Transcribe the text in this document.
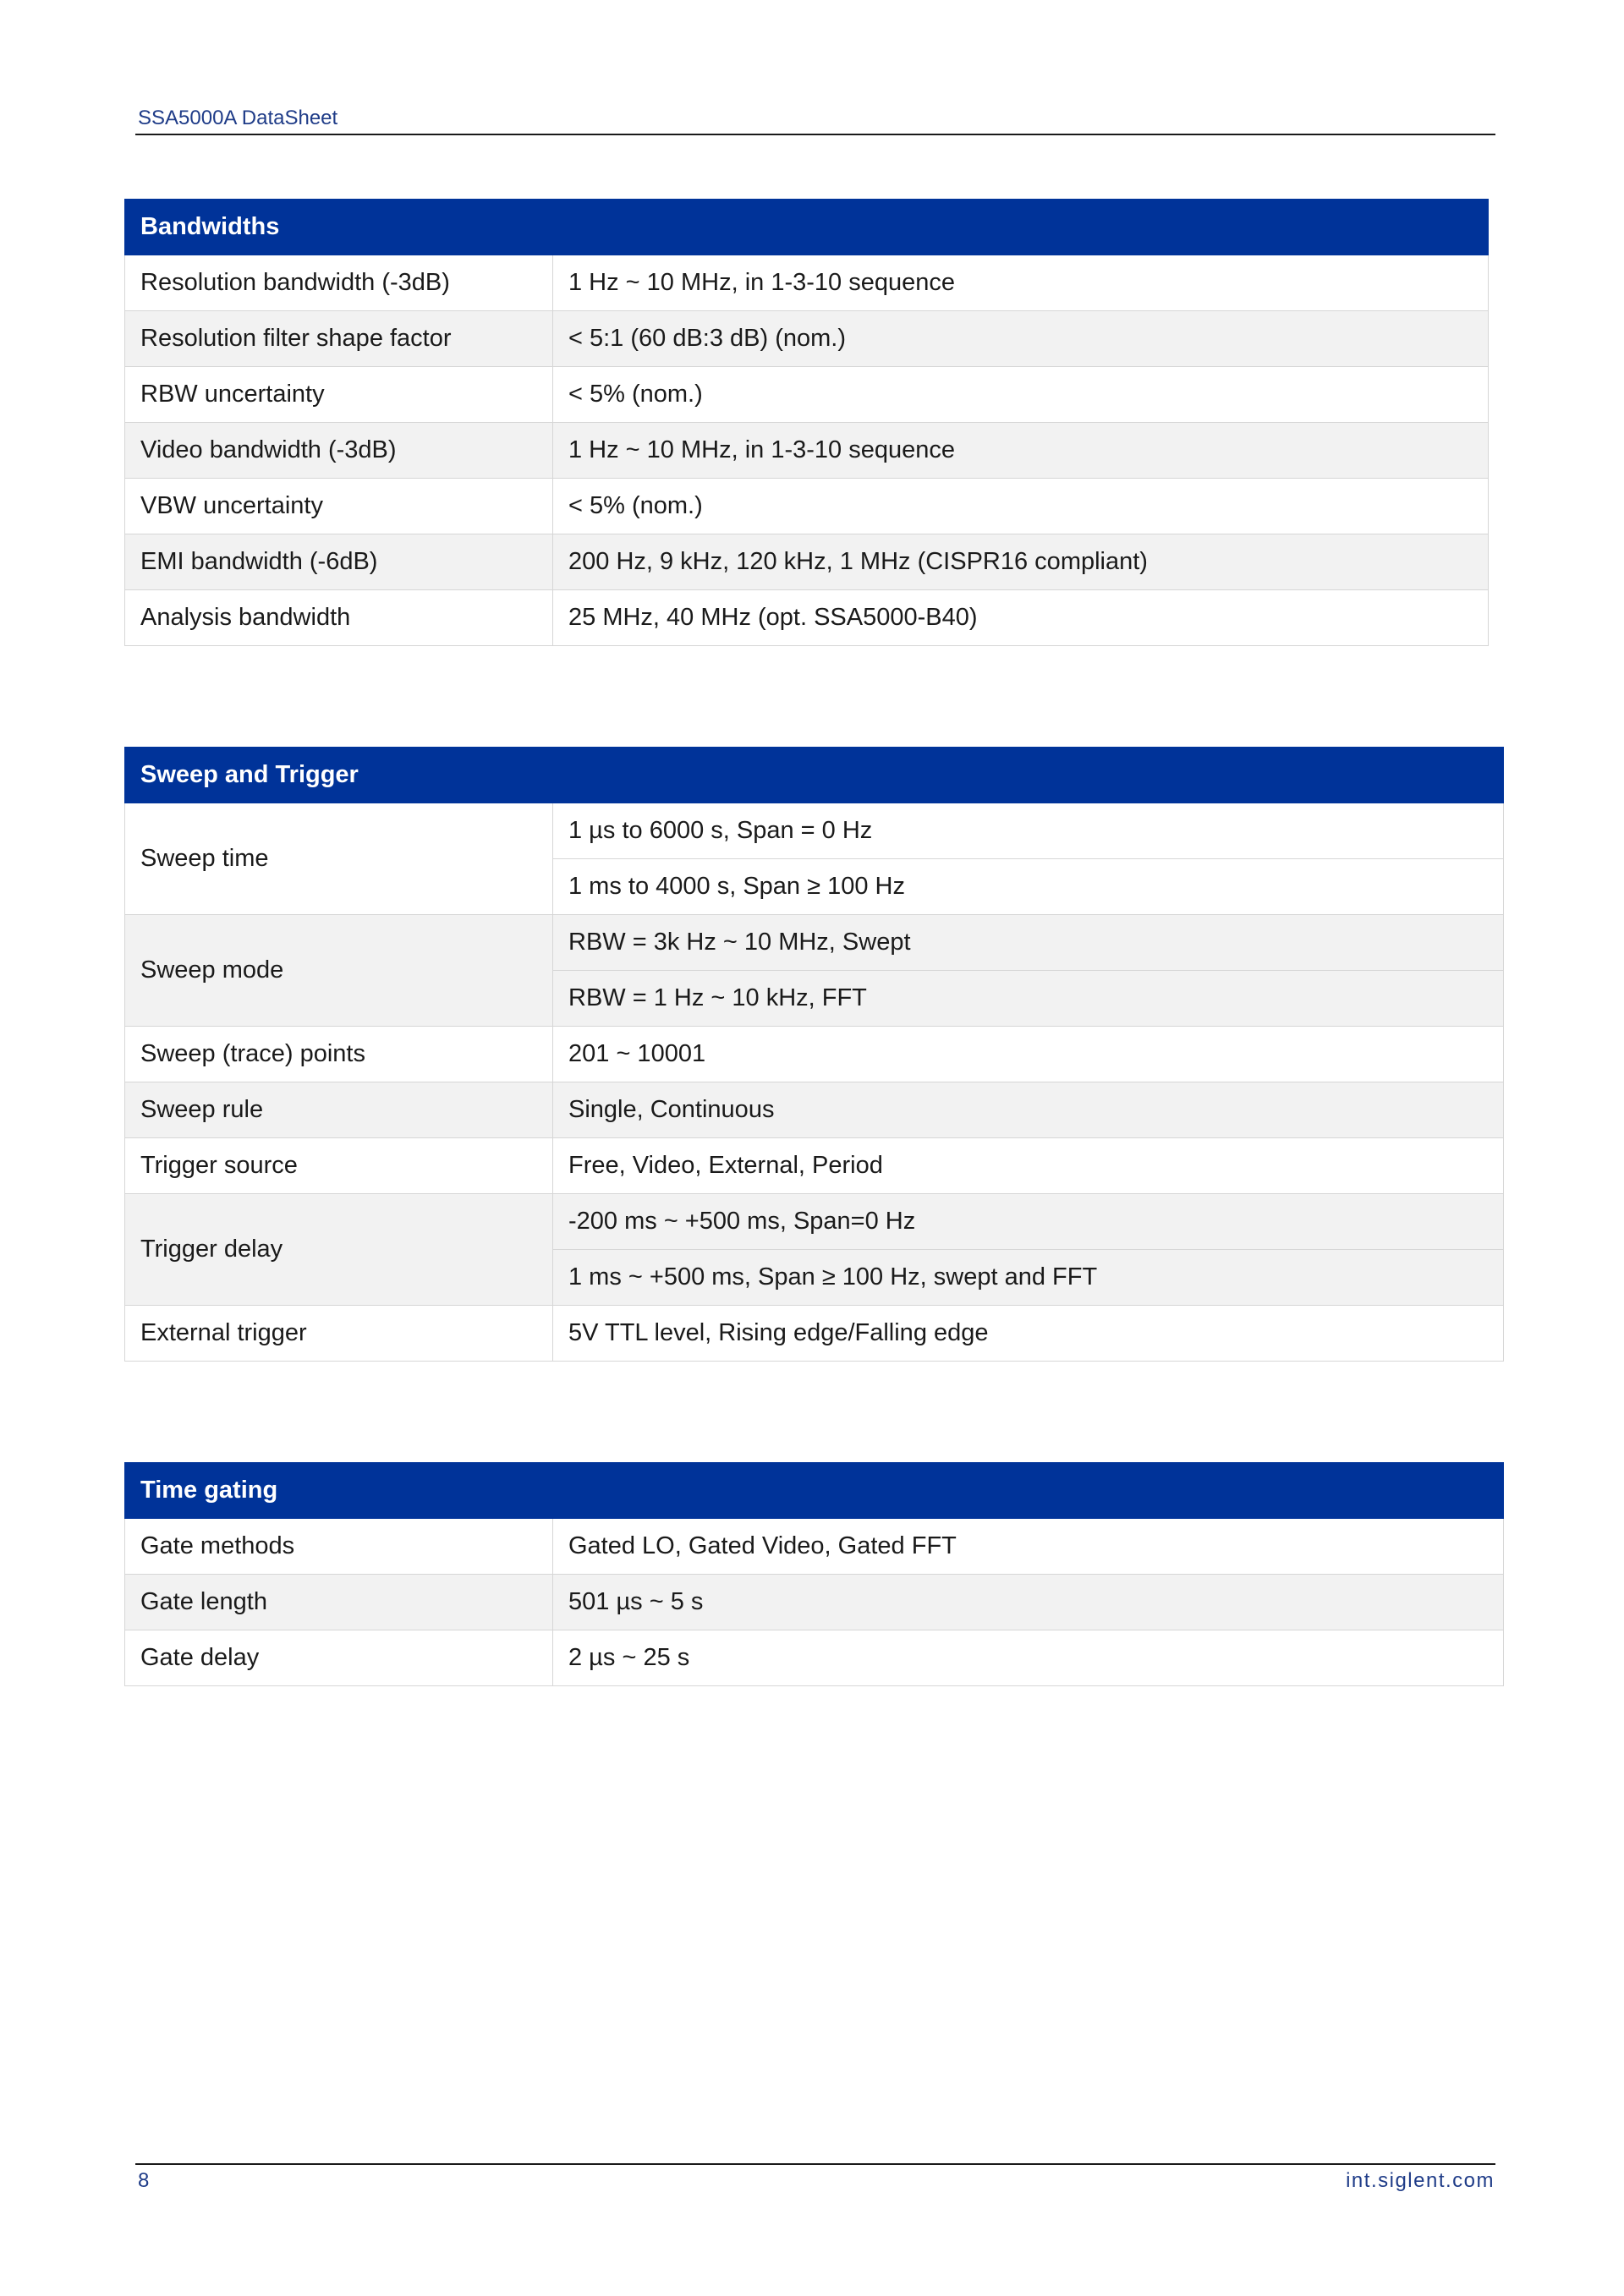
SSA5000A DataSheet
Bandwidths	
Resolution bandwidth (-3dB)	1 Hz ~ 10 MHz, in 1-3-10 sequence
Resolution filter shape factor	< 5:1 (60 dB:3 dB) (nom.)
RBW uncertainty	< 5% (nom.)
Video bandwidth (-3dB)	1 Hz ~ 10 MHz, in 1-3-10 sequence
VBW uncertainty	< 5% (nom.)
EMI bandwidth (-6dB)	200 Hz, 9 kHz, 120 kHz, 1 MHz (CISPR16 compliant)
Analysis bandwidth	25 MHz, 40 MHz (opt. SSA5000-B40)
Sweep and Trigger	
Sweep time	1 µs to 6000 s, Span = 0 Hz
	1 ms to 4000 s, Span ≥ 100 Hz
Sweep mode	RBW = 3k Hz ~ 10 MHz, Swept
	RBW = 1 Hz ~ 10 kHz, FFT
Sweep (trace) points	201 ~ 10001
Sweep rule	Single, Continuous
Trigger source	Free, Video, External, Period
Trigger delay	-200 ms ~ +500 ms, Span=0 Hz
	1 ms ~ +500 ms, Span ≥ 100 Hz, swept and FFT
External trigger	5V TTL level, Rising edge/Falling edge
Time gating	
Gate methods	Gated LO, Gated Video, Gated FFT
Gate length	501 µs ~ 5 s
Gate delay	2 µs ~ 25 s
8	int.siglent.com
